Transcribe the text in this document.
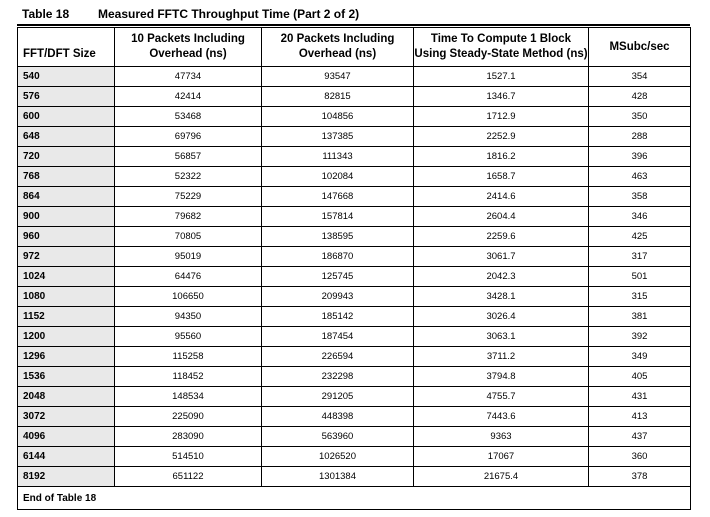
Table 18 Measured FFTC Throughput Time (Part 2 of 2)
FFT/DFT Size	10 Packets Including Overhead (ns)	20 Packets Including Overhead (ns)	Time To Compute 1 Block Using Steady-State Method (ns)	MSubc/sec
540	47734	93547	1527.1	354
576	42414	82815	1346.7	428
600	53468	104856	1712.9	350
648	69796	137385	2252.9	288
720	56857	111343	1816.2	396
768	52322	102084	1658.7	463
864	75229	147668	2414.6	358
900	79682	157814	2604.4	346
960	70805	138595	2259.6	425
972	95019	186870	3061.7	317
1024	64476	125745	2042.3	501
1080	106650	209943	3428.1	315
1152	94350	185142	3026.4	381
1200	95560	187454	3063.1	392
1296	115258	226594	3711.2	349
1536	118452	232298	3794.8	405
2048	148534	291205	4755.7	431
3072	225090	448398	7443.6	413
4096	283090	563960	9363	437
6144	514510	1026520	17067	360
8192	651122	1301384	21675.4	378
End of Table 18				
